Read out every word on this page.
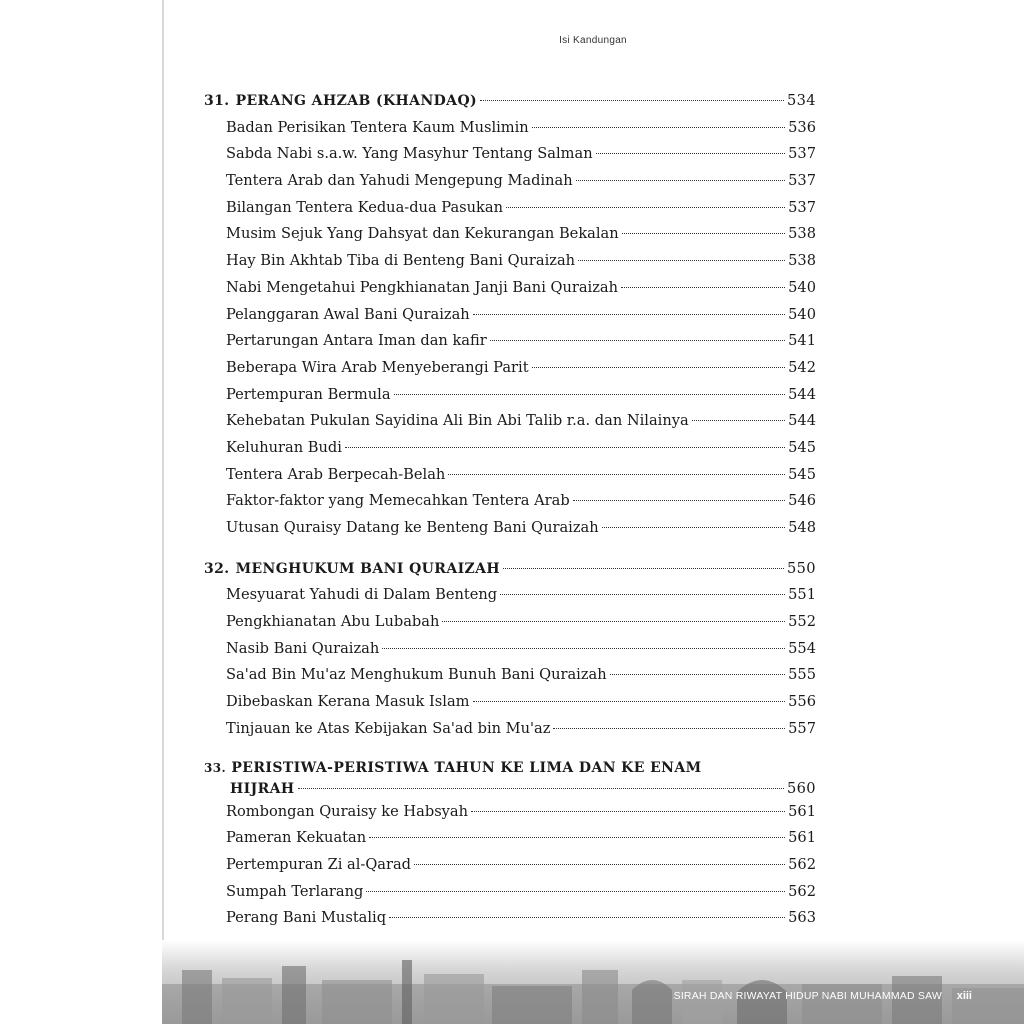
Isi Kandungan
31. PERANG AHZAB (KHANDAQ)	534
Badan Perisikan Tentera Kaum Muslimin	536
Sabda Nabi s.a.w. Yang Masyhur Tentang Salman	537
Tentera Arab dan Yahudi Mengepung Madinah	537
Bilangan Tentera Kedua-dua Pasukan	537
Musim Sejuk Yang Dahsyat dan Kekurangan Bekalan	538
Hay Bin Akhtab Tiba di Benteng Bani Quraizah	538
Nabi Mengetahui Pengkhianatan Janji Bani Quraizah	540
Pelanggaran Awal Bani Quraizah	540
Pertarungan Antara Iman dan kafir	541
Beberapa Wira Arab Menyeberangi Parit	542
Pertempuran Bermula	544
Kehebatan Pukulan Sayidina Ali Bin Abi Talib r.a. dan Nilainya	544
Keluhuran Budi	545
Tentera Arab Berpecah-Belah	545
Faktor-faktor yang Memecahkan Tentera Arab	546
Utusan Quraisy Datang ke Benteng Bani Quraizah	548
32. MENGHUKUM BANI QURAIZAH	550
Mesyuarat Yahudi di Dalam Benteng	551
Pengkhianatan Abu Lubabah	552
Nasib Bani Quraizah	554
Sa'ad Bin Mu'az Menghukum Bunuh Bani Quraizah	555
Dibebaskan Kerana Masuk Islam	556
Tinjauan ke Atas Kebijakan Sa'ad bin Mu'az	557
33. PERISTIWA-PERISTIWA TAHUN KE LIMA DAN KE ENAM
HIJRAH	560
Rombongan Quraisy ke Habsyah	561
Pameran Kekuatan	561
Pertempuran Zi al-Qarad	562
Sumpah Terlarang	562
Perang Bani Mustaliq	563
SIRAH DAN RIWAYAT HIDUP NABI MUHAMMAD SAW xiii
